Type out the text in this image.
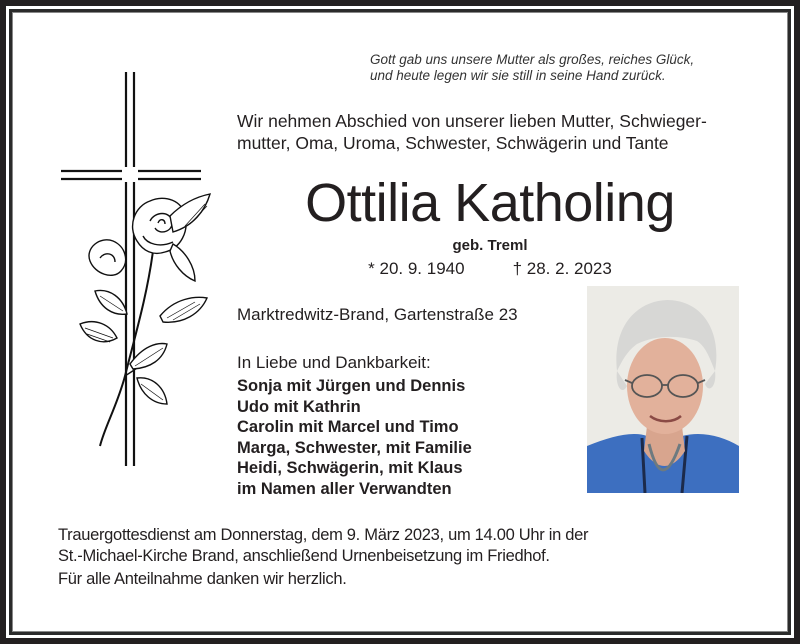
Gott gab uns unsere Mutter als großes, reiches Glück,
und heute legen wir sie still in seine Hand zurück.
Wir nehmen Abschied von unserer lieben Mutter, Schwieger-
mutter, Oma, Uroma, Schwester, Schwägerin und Tante
Ottilia Katholing
geb. Treml
* 20. 9. 1940	† 28. 2. 2023
Marktredwitz-Brand, Gartenstraße 23
In Liebe und Dankbarkeit:
Sonja mit Jürgen und Dennis
Udo mit Kathrin
Carolin mit Marcel und Timo
Marga, Schwester, mit Familie
Heidi, Schwägerin, mit Klaus
im Namen aller Verwandten
Trauergottesdienst am Donnerstag, dem 9. März 2023, um 14.00 Uhr in der
St.-Michael-Kirche Brand, anschließend Urnenbeisetzung im Friedhof.
Für alle Anteilnahme danken wir herzlich.
